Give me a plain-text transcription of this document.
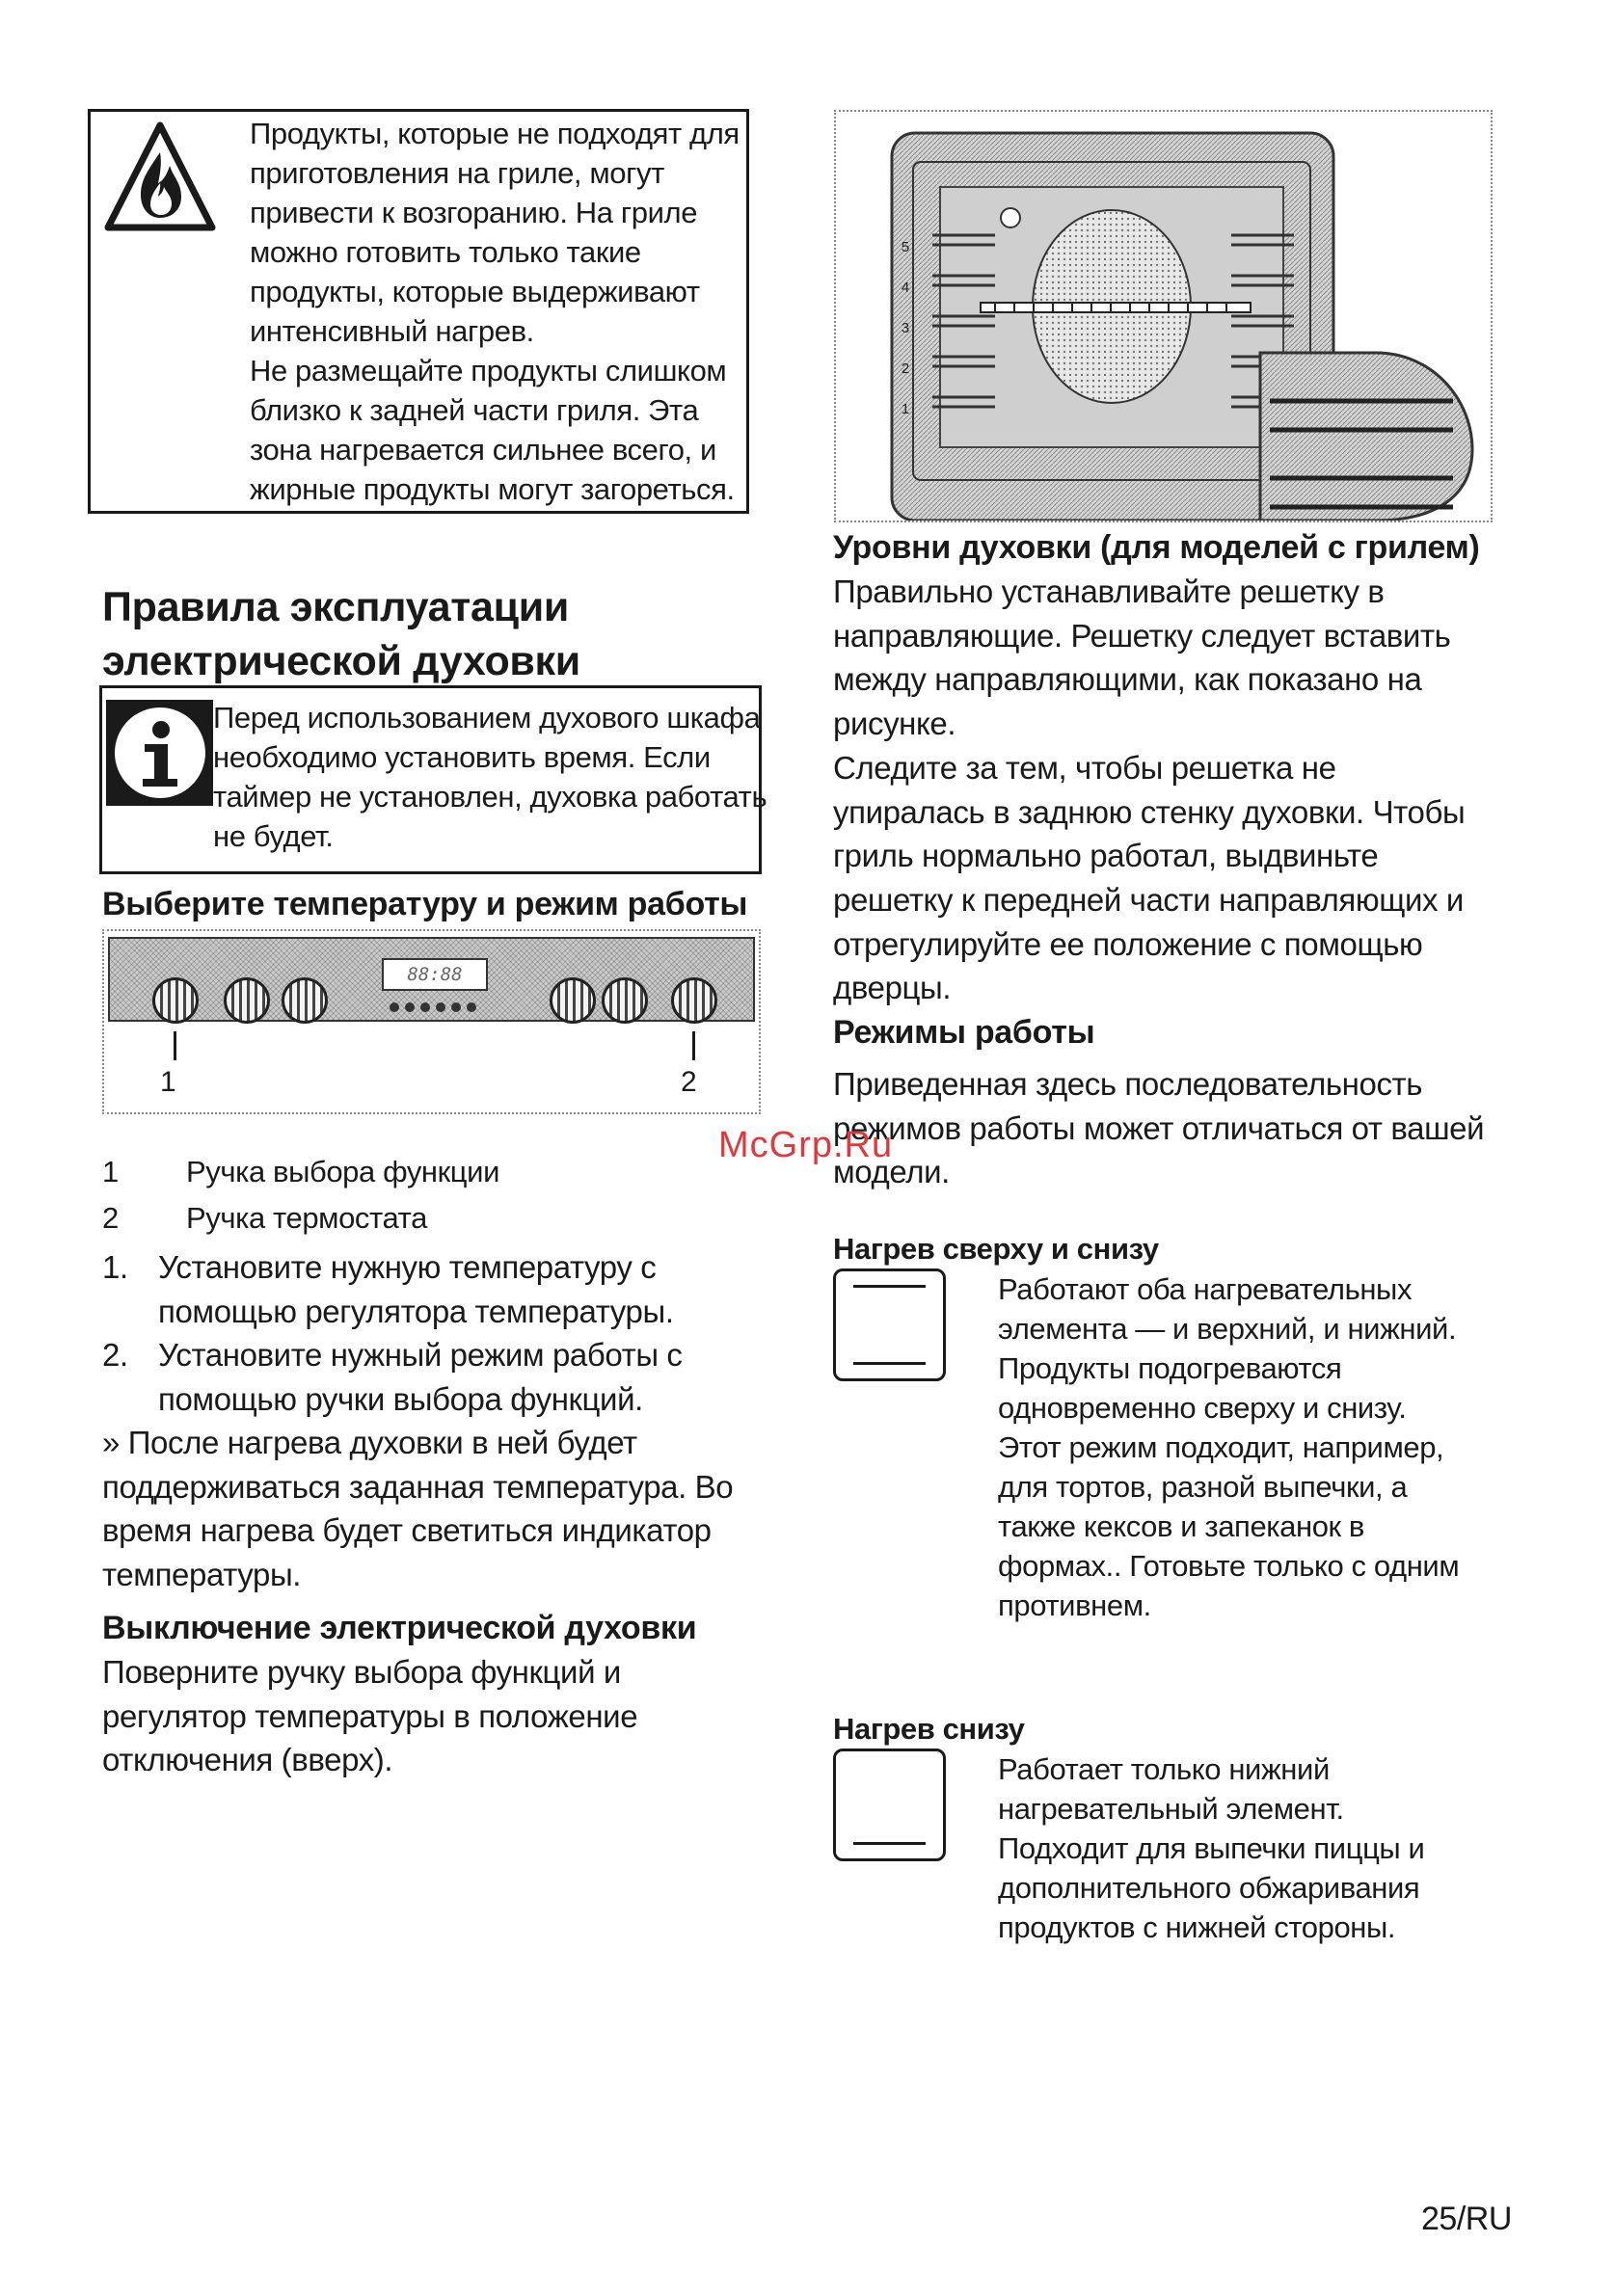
Продукты, которые не подходят для
приготовления на гриле, могут
привести к возгоранию. На гриле
можно готовить только такие
продукты, которые выдерживают
интенсивный нагрев.
Не размещайте продукты слишком
близко к задней части гриля. Эта
зона нагревается сильнее всего, и
жирные продукты могут загореться.
Правила эксплуатации
электрической духовки
Перед использованием духового шкафа
необходимо установить время. Если
таймер не установлен, духовка работать
не будет.
Выберите температуру и режим работы
88:88
1	2
1 Ручка выбора функции
2 Ручка термостата
1. Установите нужную температуру с
помощью регулятора температуры.
2. Установите нужный режим работы с
помощью ручки выбора функций.
» После нагрева духовки в ней будет
поддерживаться заданная температура. Во
время нагрева будет светиться индикатор
температуры.
Выключение электрической духовки
Поверните ручку выбора функций и
регулятор температуры в положение
отключения (вверх).
5
4
3
2
1
Уровни духовки (для моделей с грилем)
Правильно устанавливайте решетку в
направляющие. Решетку следует вставить
между направляющими, как показано на
рисунке.
Следите за тем, чтобы решетка не
упиралась в заднюю стенку духовки. Чтобы
гриль нормально работал, выдвиньте
решетку к передней части направляющих и
отрегулируйте ее положение с помощью
дверцы.
Режимы работы
Приведенная здесь последовательность
режимов работы может отличаться от вашей
модели.
McGrp.Ru
Нагрев сверху и снизу
Работают оба нагревательных
элемента — и верхний, и нижний.
Продукты подогреваются
одновременно сверху и снизу.
Этот режим подходит, например,
для тортов, разной выпечки, а
также кексов и запеканок в
формах.. Готовьте только с одним
противнем.
Нагрев снизу
Работает только нижний
нагревательный элемент.
Подходит для выпечки пиццы и
дополнительного обжаривания
продуктов с нижней стороны.
25/RU
